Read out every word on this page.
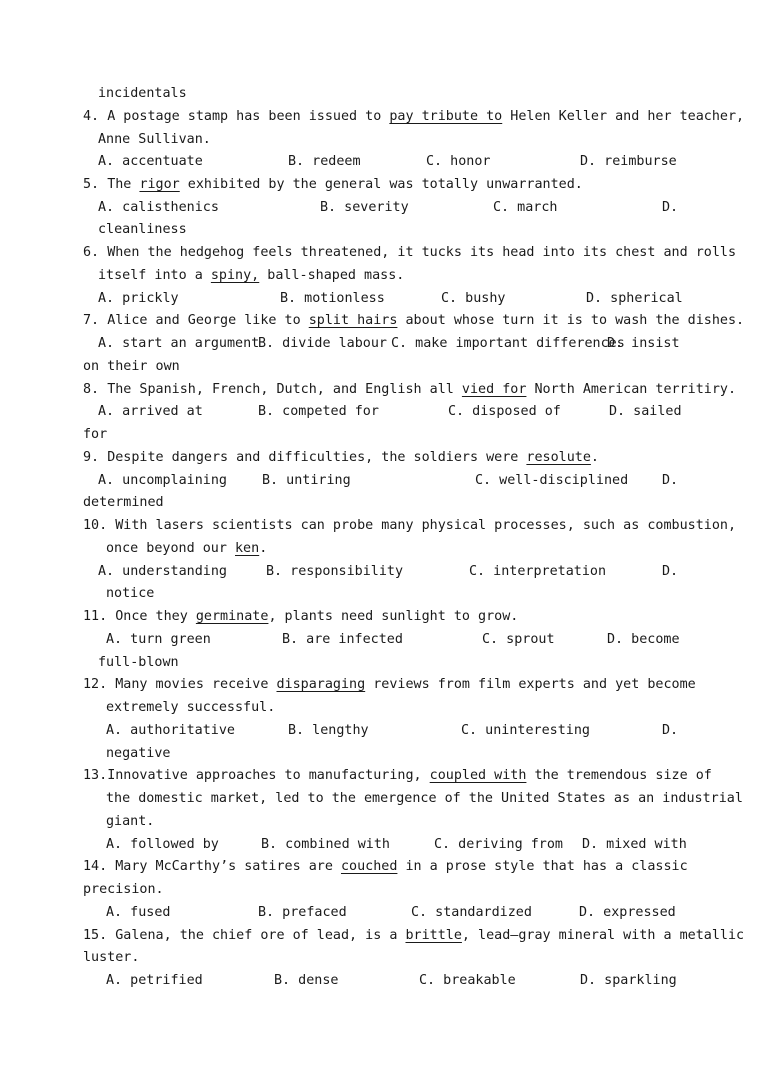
incidentals
4. A postage stamp has been issued to pay tribute to Helen Keller and her teacher,
Anne Sullivan.
A. accentuate	B. redeem	C. honor	D. reimburse
5. The rigor exhibited by the general was totally unwarranted.
A. calisthenics	B. severity	C. march	D.
cleanliness
6. When the hedgehog feels threatened, it tucks its head into its chest and rolls
itself into a spiny, ball-shaped mass.
A. prickly	B. motionless	C. bushy	D. spherical
7. Alice and George like to split hairs about whose turn it is to wash the dishes.
A. start an argument
B. divide labour C. make important differences
D. insist
on their own
8. The Spanish, French, Dutch, and English all vied for North American territiry.
A. arrived at	B. competed for	C. disposed of	D. sailed
for
9. Despite dangers and difficulties, the soldiers were resolute.
A. uncomplaining	B. untiring	C. well-disciplined	D.
determined
10. With lasers scientists can probe many physical processes, such as combustion,
once beyond our ken.
A. understanding	B. responsibility	C. interpretation	D.
notice
11. Once they germinate, plants need sunlight to grow.
A. turn green	B. are infected	C. sprout	D. become
full-blown
12. Many movies receive disparaging reviews from film experts and yet become
extremely successful.
A. authoritative	B. lengthy	C. uninteresting	D.
negative
13.Innovative approaches to manufacturing, coupled with the tremendous size of
the domestic market, led to the emergence of the United States as an industrial
giant.
A. followed by	B. combined with	C. deriving from D. mixed with
14. Mary McCarthy’s satires are couched in a prose style that has a classic
precision.
A. fused	B. prefaced	C. standardized	D. expressed
15. Galena, the chief ore of lead, is a brittle, lead—gray mineral with a metallic
luster.
A. petrified	B. dense	C. breakable	D. sparkling
